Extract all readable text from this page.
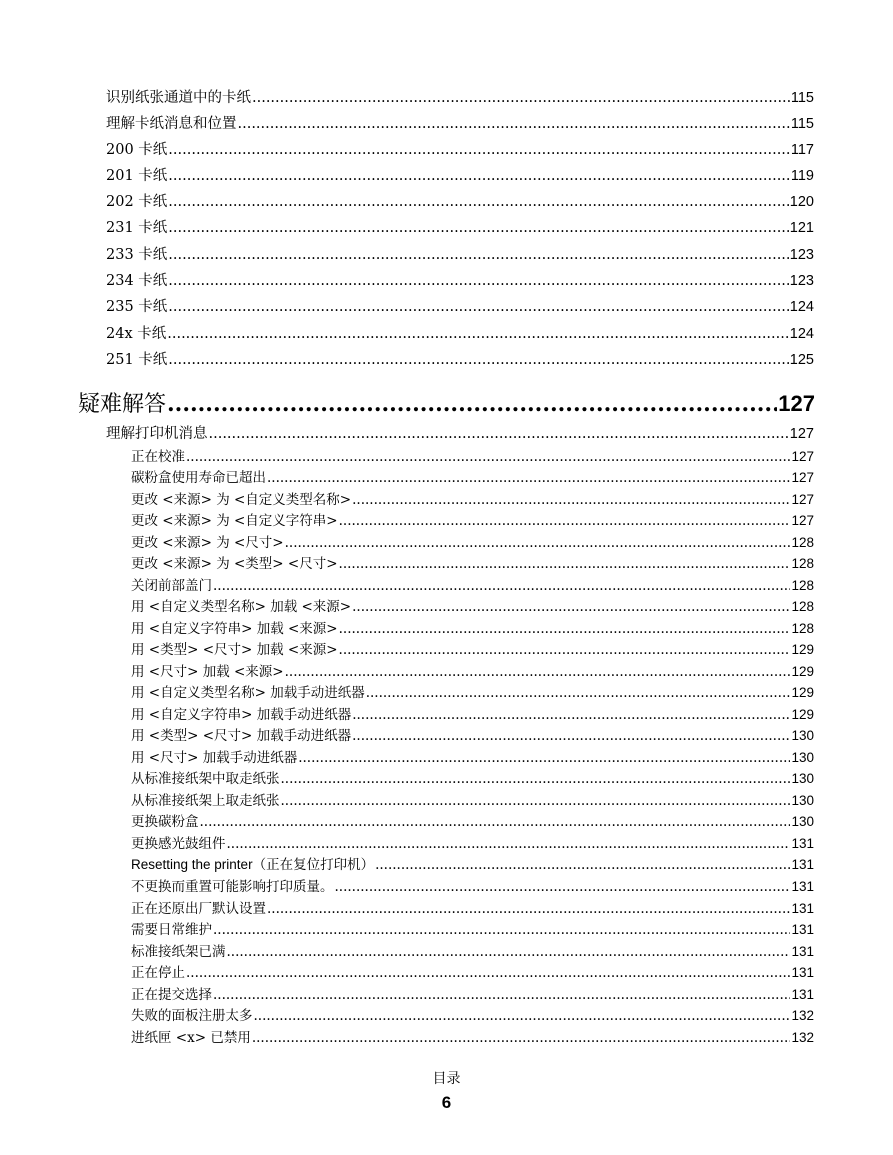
识别纸张通道中的卡纸 .....	115
理解卡纸消息和位置 .....	115
200 卡纸 .....	117
201 卡纸 .....	119
202 卡纸 .....	120
231 卡纸 .....	121
233 卡纸 .....	123
234 卡纸 .....	123
235 卡纸 .....	124
24x 卡纸 .....	124
251 卡纸 .....	125
疑难解答 .....	127
理解打印机消息 .....	127
正在校准 .....	127
碳粉盒使用寿命已超出 .....	127
更改 <来源> 为 <自定义类型名称> .....	127
更改 <来源> 为 <自定义字符串> .....	127
更改 <来源> 为 <尺寸> .....	128
更改 <来源> 为 <类型> <尺寸> .....	128
关闭前部盖门 .....	128
用 <自定义类型名称> 加载 <来源> .....	128
用 <自定义字符串> 加载 <来源> .....	128
用 <类型> <尺寸> 加载 <来源> .....	129
用 <尺寸> 加载 <来源> .....	129
用 <自定义类型名称> 加载手动进纸器 .....	129
用 <自定义字符串> 加载手动进纸器 .....	129
用 <类型> <尺寸> 加载手动进纸器 .....	130
用 <尺寸> 加载手动进纸器 .....	130
从标准接纸架中取走纸张 .....	130
从标准接纸架上取走纸张 .....	130
更换碳粉盒 .....	130
更换感光鼓组件 .....	131
Resetting the printer（正在复位打印机） .....	131
不更换而重置可能影响打印质量。 .....	131
正在还原出厂默认设置 .....	131
需要日常维护 .....	131
标准接纸架已满 .....	131
正在停止 .....	131
正在提交选择 .....	131
失败的面板注册太多 .....	132
进纸匣 <x> 已禁用 .....	132
目录
6
